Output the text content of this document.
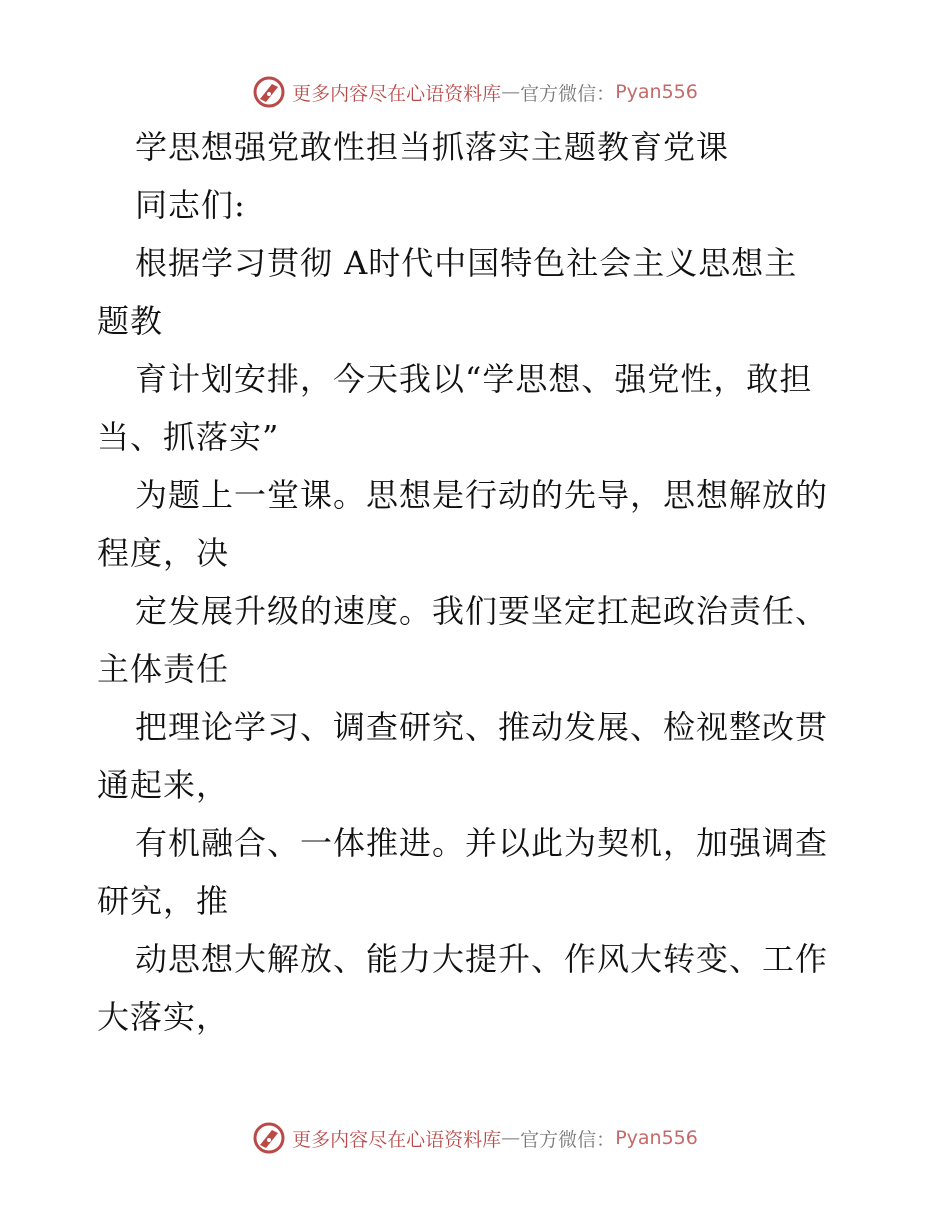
更多内容尽在心语资料库 — 官方微信： Pyan556
学思想强党敢性担当抓落实主题教育党课
同志们:
根据学习贯彻 A时代中国特色社会主义思想主
题教
育计划安排，今天我以“学思想、强党性，敢担
当、抓落实”
为题上一堂课。思想是行动的先导，思想解放的
程度，决
定发展升级的速度。我们要坚定扛起政治责任、
主体责任
把理论学习、调查研究、推动发展、检视整改贯
通起来，
有机融合、一体推进。并以此为契机，加强调查
研究，推
动思想大解放、能力大提升、作风大转变、工作
大落实，
更多内容尽在心语资料库 — 官方微信： Pyan556
